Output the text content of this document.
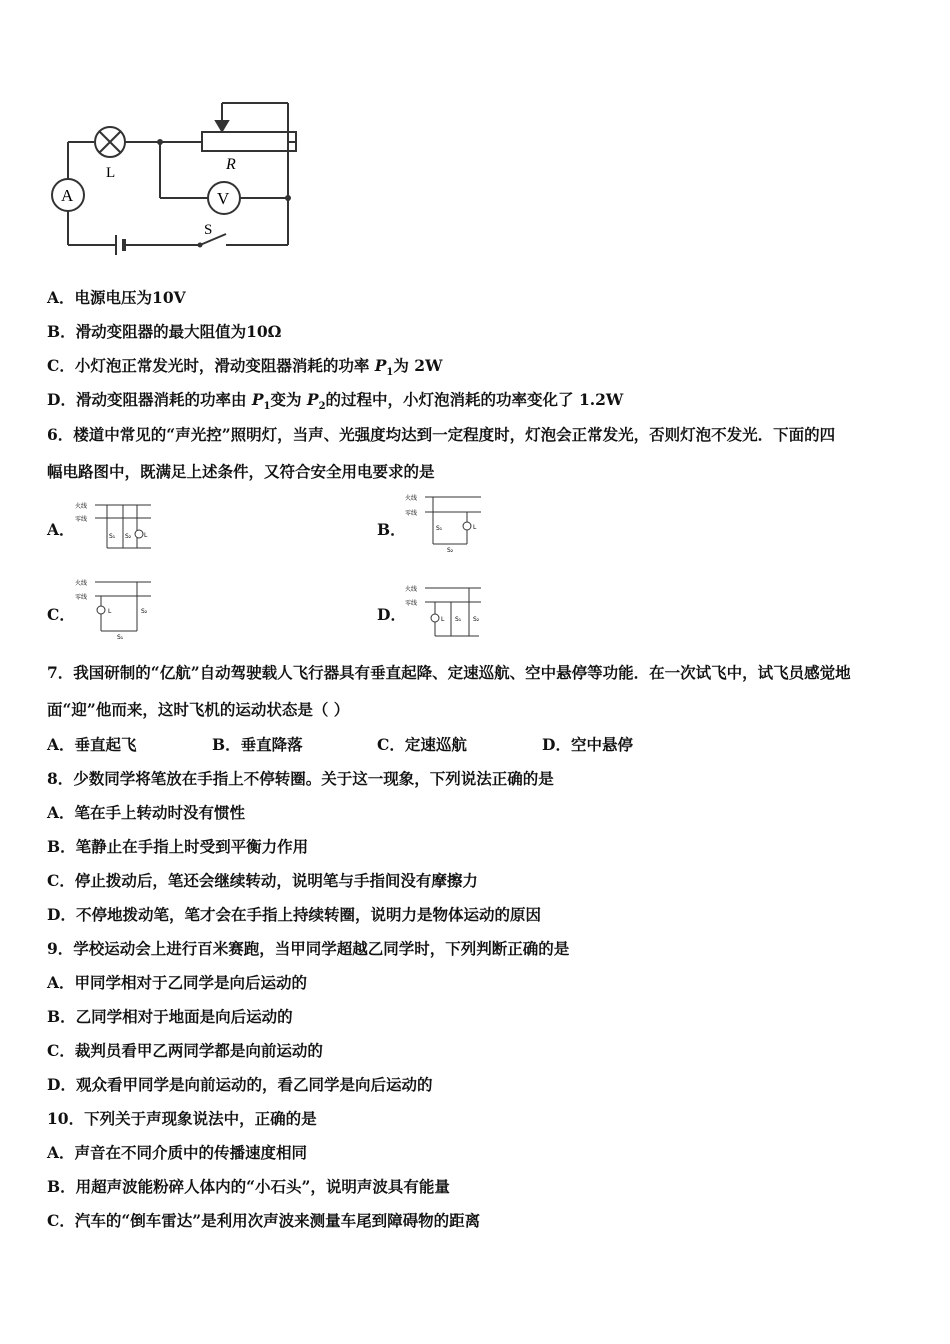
A
L	R
V
S
A．电源电压为10V
B．滑动变阻器的最大阻值为10Ω
C．小灯泡正常发光时，滑动变阻器消耗的功率 $P_1$为 2W
D．滑动变阻器消耗的功率由 $P_1$变为 $P_2$的过程中，小灯泡消耗的功率变化了 1.2W
6．楼道中常见的“声光控”照明灯，当声、光强度均达到一定程度时，灯泡会正常发光，否则灯泡不发光．下面的四
幅电路图中，既满足上述条件，又符合安全用电要求的是
A．
火线
零线
S₁ S₂ L	B．
火线
零线
S₁	L
S₂
C．
火线
零线
L	S₂
S₁
D．
火线
零线
L S₁ S₂
7．我国研制的“亿航”自动驾驶载人飞行器具有垂直起降、定速巡航、空中悬停等功能．在一次试飞中，试飞员感觉地
面“迎”他而来，这时飞机的运动状态是（ ）
A．垂直起飞	B．垂直降落	C．定速巡航	D．空中悬停
8．少数同学将笔放在手指上不停转圈。关于这一现象，下列说法正确的是
A．笔在手上转动时没有惯性
B．笔静止在手指上时受到平衡力作用
C．停止拨动后，笔还会继续转动，说明笔与手指间没有摩擦力
D．不停地拨动笔，笔才会在手指上持续转圈，说明力是物体运动的原因
9．学校运动会上进行百米赛跑，当甲同学超越乙同学时，下列判断正确的是
A．甲同学相对于乙同学是向后运动的
B．乙同学相对于地面是向后运动的
C．裁判员看甲乙两同学都是向前运动的
D．观众看甲同学是向前运动的，看乙同学是向后运动的
10．下列关于声现象说法中，正确的是
A．声音在不同介质中的传播速度相同
B．用超声波能粉碎人体内的“小石头”，说明声波具有能量
C．汽车的“倒车雷达”是利用次声波来测量车尾到障碍物的距离
